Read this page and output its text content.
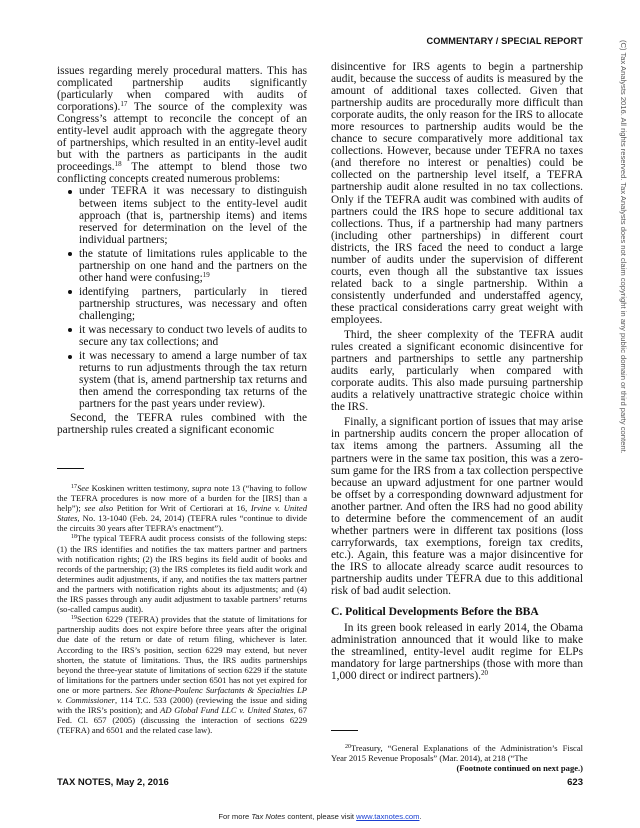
COMMENTARY / SPECIAL REPORT

issues regarding merely procedural matters. This has complicated partnership audits significantly (particularly when compared with audits of corporations).$^{17}$ The source of the complexity was Congress’s attempt to reconcile the concept of an entity-level audit approach with the aggregate theory of partnerships, which resulted in an entity-level audit but with the partners as participants in the audit proceedings.$^{18}$ The attempt to blend those two conflicting concepts created numerous problems:

under TEFRA it was necessary to distinguish between items subject to the entity-level audit approach (that is, partnership items) and items reserved for determination on the level of the individual partners;
the statute of limitations rules applicable to the partnership on one hand and the partners on the other hand were confusing;$^{19}$
identifying partners, particularly in tiered partnership structures, was necessary and often challenging;
it was necessary to conduct two levels of audits to secure any tax collections; and
it was necessary to amend a large number of tax returns to run adjustments through the tax return system (that is, amend partnership tax returns and then amend the corresponding tax returns of the partners for the past years under review).

Second, the TEFRA rules combined with the partnership rules created a significant economic

$^{17}$See Koskinen written testimony, supra note 13 (“having to follow the TEFRA procedures is now more of a burden for the [IRS] than a help”); see also Petition for Writ of Certiorari at 16, Irvine v. United States, No. 13-1040 (Feb. 24, 2014) (TEFRA rules “continue to divide the circuits 30 years after TEFRA’s enactment”).

$^{18}$The typical TEFRA audit process consists of the following steps: (1) the IRS identifies and notifies the tax matters partner and partners with notification rights; (2) the IRS begins its field audit of books and records of the partnership; (3) the IRS completes its field audit work and determines audit adjustments, if any, and notifies the tax matters partner and the partners with notification rights about its adjustments; and (4) the IRS passes through any audit adjustment to taxable partners’ returns (so-called campus audit).

$^{19}$Section 6229 (TEFRA) provides that the statute of limitations for partnership audits does not expire before three years after the original due date of the return or date of return filing, whichever is later. According to the IRS’s position, section 6229 may extend, but never shorten, the statute of limitations. Thus, the IRS audits partnerships beyond the three-year statute of limitations of section 6229 if the statute of limitations for the partners under section 6501 has not yet expired for one or more partners. See Rhone-Poulenc Surfactants & Specialties LP v. Commissioner, 114 T.C. 533 (2000) (reviewing the issue and siding with the IRS’s position); and AD Global Fund LLC v. United States, 67 Fed. Cl. 657 (2005) (discussing the interaction of sections 6229 (TEFRA) and 6501 and the related case law).

disincentive for IRS agents to begin a partnership audit, because the success of audits is measured by the amount of additional taxes collected. Given that partnership audits are procedurally more difficult than corporate audits, the only reason for the IRS to allocate more resources to partnership audits would be the chance to secure comparatively more additional tax collections. However, because under TEFRA no taxes (and therefore no interest or penalties) could be collected on the partnership level itself, a TEFRA partnership audit alone resulted in no tax collections. Only if the TEFRA audit was combined with audits of partners could the IRS hope to secure additional tax collections. Thus, if a partnership had many partners (including other partnerships) in different court districts, the IRS faced the need to conduct a large number of audits under the supervision of different courts, even though all the substantive tax issues related back to a single partnership. Within a consistently underfunded and understaffed agency, these practical considerations carry great weight with employees.

Third, the sheer complexity of the TEFRA audit rules created a significant economic disincentive for partners and partnerships to settle any partnership audits early, particularly when compared with corporate audits. This also made pursuing partnership audits a relatively unattractive strategic choice within the IRS.

Finally, a significant portion of issues that may arise in partnership audits concern the proper allocation of tax items among the partners. Assuming all the partners were in the same tax position, this was a zero-sum game for the IRS from a tax collection perspective because an upward adjustment for one partner would be offset by a corresponding downward adjustment for another partner. And often the IRS had no good ability to determine before the commencement of an audit whether partners were in different tax positions (loss carryforwards, tax exemptions, foreign tax credits, etc.). Again, this feature was a major disincentive for the IRS to allocate already scarce audit resources to partnership audits under TEFRA due to this additional risk of bad audit selection.

C. Political Developments Before the BBA

In its green book released in early 2014, the Obama administration announced that it would like to make the streamlined, entity-level audit regime for ELPs mandatory for large partnerships (those with more than 1,000 direct or indirect partners).$^{20}$

$^{20}$Treasury, “General Explanations of the Administration’s Fiscal Year 2015 Revenue Proposals” (Mar. 2014), at 218 (“The

(Footnote continued on next page.)

TAX NOTES, May 2, 2016	623
For more Tax Notes content, please visit www.taxnotes.com.
(C) Tax Analysts 2016. All rights reserved. Tax Analysts does not claim copyright in any public domain or third party content.
